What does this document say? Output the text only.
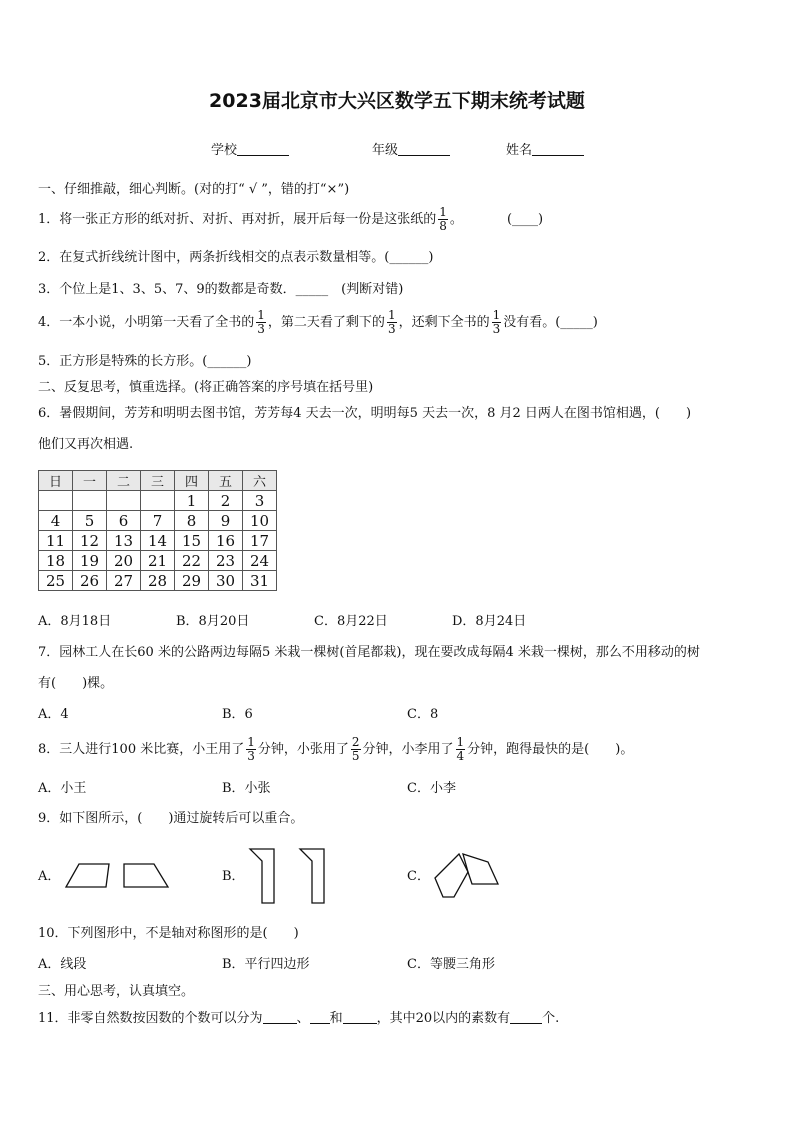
2023届北京市大兴区数学五下期末统考试题
学校	年级	姓名
一、仔细推敲，细心判断。(对的打“ √ ”，错的打“×”)
1．将一张正方形的纸对折、对折、再对折，展开后每一份是这张纸的 $\frac{1}{8}$ 。	(____)
2．在复式折线统计图中，两条折线相交的点表示数量相等。(______)
3．个位上是1、3、5、7、9的数都是奇数．_____　(判断对错)
4．一本小说，小明第一天看了全书的 $\frac{1}{3}$ ，第二天看了剩下的 $\frac{1}{3}$ ，还剩下全书的 $\frac{1}{3}$ 没有看。(_____)
5．正方形是特殊的长方形。(______)
二、反复思考，慎重选择。(将正确答案的序号填在括号里)
6．暑假期间，芳芳和明明去图书馆，芳芳每4 天去一次，明明每5 天去一次，8 月2 日两人在图书馆相遇，(　　)
他们又再次相遇.
日	一	二	三	四	五	六
				1	2	3
4	5	6	7	8	9	10
11	12	13	14	15	16	17
18	19	20	21	22	23	24
25	26	27	28	29	30	31
A．8月18日	B．8月20日	C．8月22日	D．8月24日
7．园林工人在长60 米的公路两边每隔5 米栽一棵树(首尾都栽)，现在要改成每隔4 米栽一棵树，那么不用移动的树
有(　　)棵。
A．4	B．6	C．8
8．三人进行100 米比赛，小王用了 $\frac{1}{3}$ 分钟，小张用了 $\frac{2}{5}$ 分钟，小李用了 $\frac{1}{4}$ 分钟，跑得最快的是(　　)。
A．小王	B．小张	C．小李
9．如下图所示，(　　)通过旋转后可以重合。
A．	B．	C．
10．下列图形中，不是轴对称图形的是(　　)
A．线段	B．平行四边形	C．等腰三角形
三、用心思考，认真填空。
11．非零自然数按因数的个数可以分为	、 和	，其中20以内的素数有 个.
